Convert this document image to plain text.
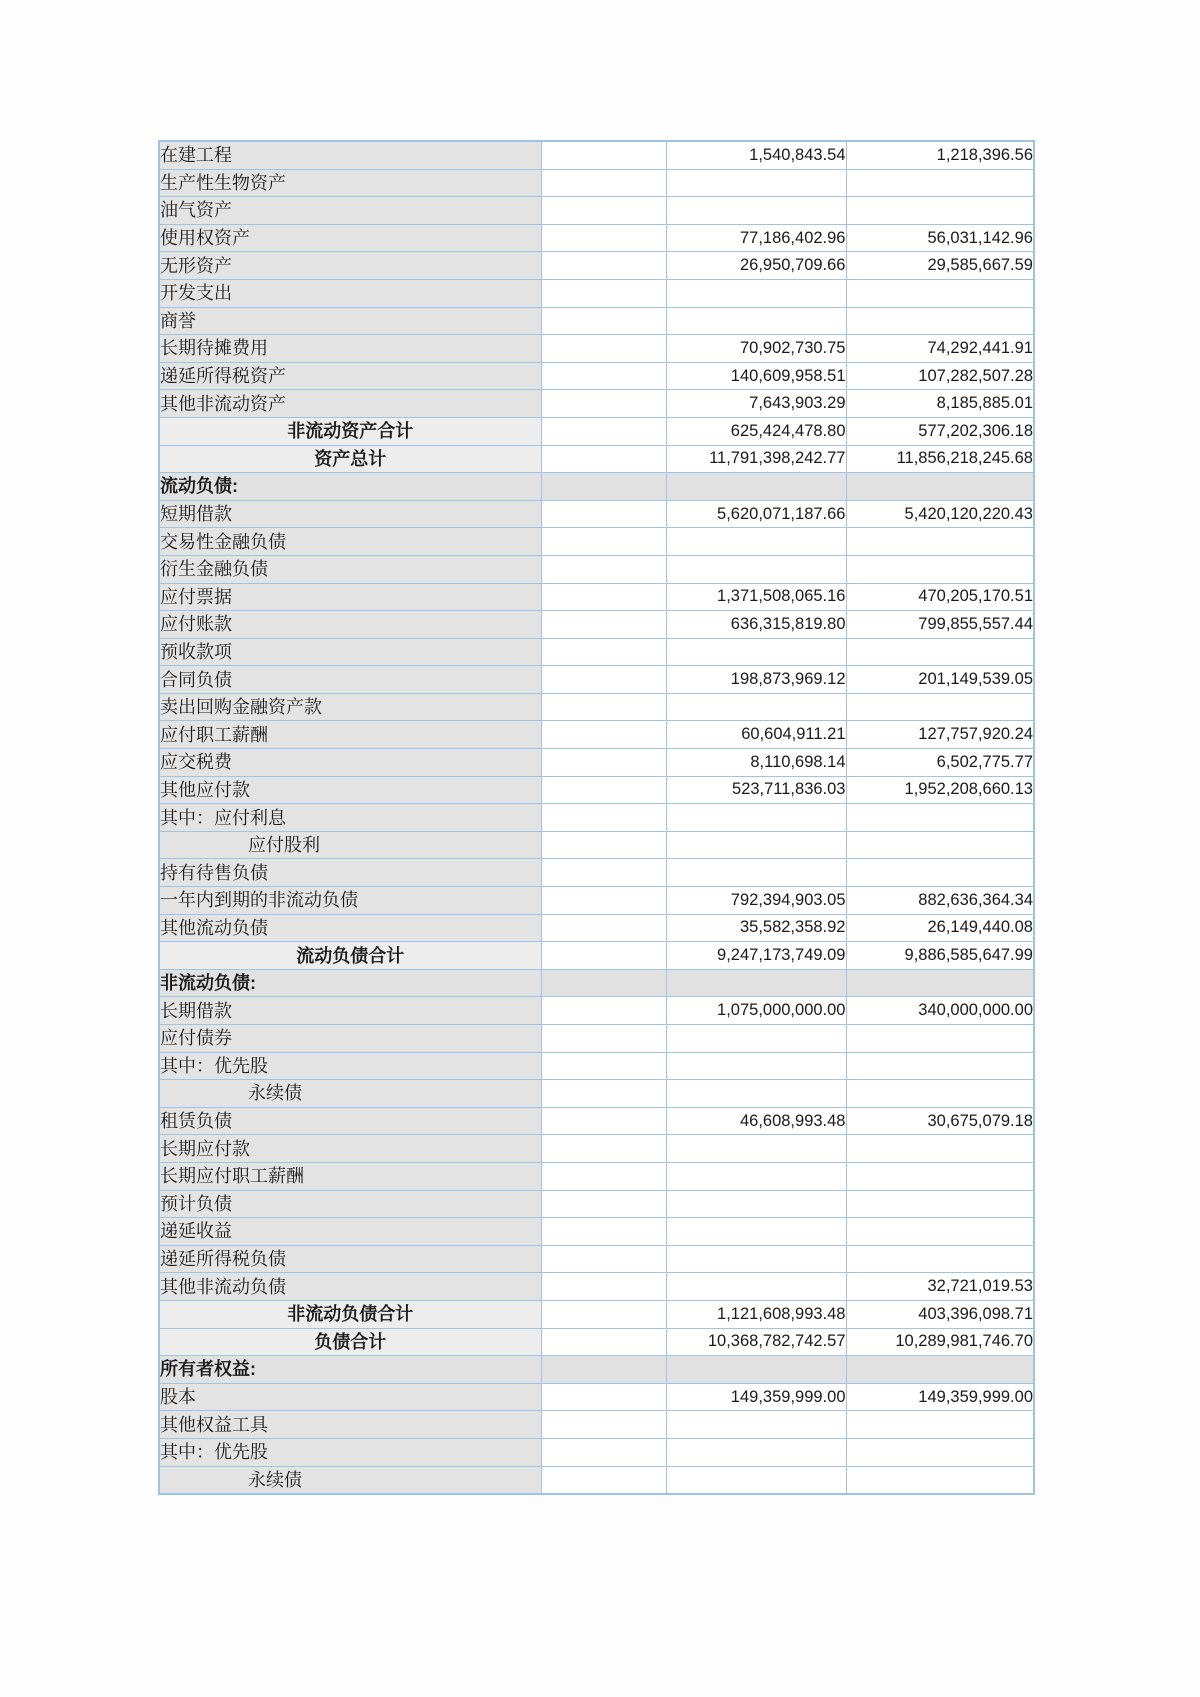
在建工程		1,540,843.54	1,218,396.56
生产性生物资产			
油气资产			
使用权资产		77,186,402.96	56,031,142.96
无形资产		26,950,709.66	29,585,667.59
开发支出			
商誉			
长期待摊费用		70,902,730.75	74,292,441.91
递延所得税资产		140,609,958.51	107,282,507.28
其他非流动资产		7,643,903.29	8,185,885.01
非流动资产合计		625,424,478.80	577,202,306.18
资产总计		11,791,398,242.77	11,856,218,245.68
流动负债:			
短期借款		5,620,071,187.66	5,420,120,220.43
交易性金融负债			
衍生金融负债			
应付票据		1,371,508,065.16	470,205,170.51
应付账款		636,315,819.80	799,855,557.44
预收款项			
合同负债		198,873,969.12	201,149,539.05
卖出回购金融资产款			
应付职工薪酬		60,604,911.21	127,757,920.24
应交税费		8,110,698.14	6,502,775.77
其他应付款		523,711,836.03	1,952,208,660.13
其中：应付利息			
应付股利			
持有待售负债			
一年内到期的非流动负债		792,394,903.05	882,636,364.34
其他流动负债		35,582,358.92	26,149,440.08
流动负债合计		9,247,173,749.09	9,886,585,647.99
非流动负债:			
长期借款		1,075,000,000.00	340,000,000.00
应付债券			
其中：优先股			
永续债			
租赁负债		46,608,993.48	30,675,079.18
长期应付款			
长期应付职工薪酬			
预计负债			
递延收益			
递延所得税负债			
其他非流动负债			32,721,019.53
非流动负债合计		1,121,608,993.48	403,396,098.71
负债合计		10,368,782,742.57	10,289,981,746.70
所有者权益:			
股本		149,359,999.00	149,359,999.00
其他权益工具			
其中：优先股			
永续债			
